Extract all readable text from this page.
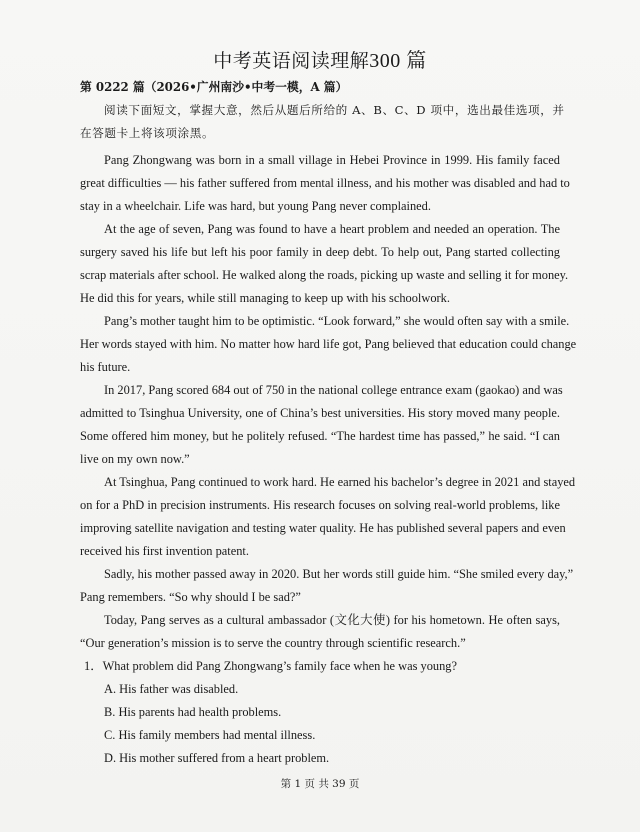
中考英语阅读理解300 篇
第 0222 篇（2026•广州南沙•中考一模，A 篇）
阅读下面短文，掌握大意，然后从题后所给的 A、B、C、D 项中，选出最佳选项，并
在答题卡上将该项涂黑。
Pang Zhongwang was born in a small village in Hebei Province in 1999. His family faced
great difficulties — his father suffered from mental illness, and his mother was disabled and had to
stay in a wheelchair. Life was hard, but young Pang never complained.
At the age of seven, Pang was found to have a heart problem and needed an operation. The
surgery saved his life but left his poor family in deep debt. To help out, Pang started collecting
scrap materials after school. He walked along the roads, picking up waste and selling it for money.
He did this for years, while still managing to keep up with his schoolwork.
Pang’s mother taught him to be optimistic. “Look forward,” she would often say with a smile.
Her words stayed with him. No matter how hard life got, Pang believed that education could change
his future.
In 2017, Pang scored 684 out of 750 in the national college entrance exam (gaokao) and was
admitted to Tsinghua University, one of China’s best universities. His story moved many people.
Some offered him money, but he politely refused. “The hardest time has passed,” he said. “I can
live on my own now.”
At Tsinghua, Pang continued to work hard. He earned his bachelor’s degree in 2021 and stayed
on for a PhD in precision instruments. His research focuses on solving real-world problems, like
improving satellite navigation and testing water quality. He has published several papers and even
received his first invention patent.
Sadly, his mother passed away in 2020. But her words still guide him. “She smiled every day,”
Pang remembers. “So why should I be sad?”
Today, Pang serves as a cultural ambassador (文化大使) for his hometown. He often says,
“Our generation’s mission is to serve the country through scientific research.”
1．What problem did Pang Zhongwang’s family face when he was young?
A. His father was disabled.
B. His parents had health problems.
C. His family members had mental illness.
D. His mother suffered from a heart problem.
第 1 页 共 39 页
